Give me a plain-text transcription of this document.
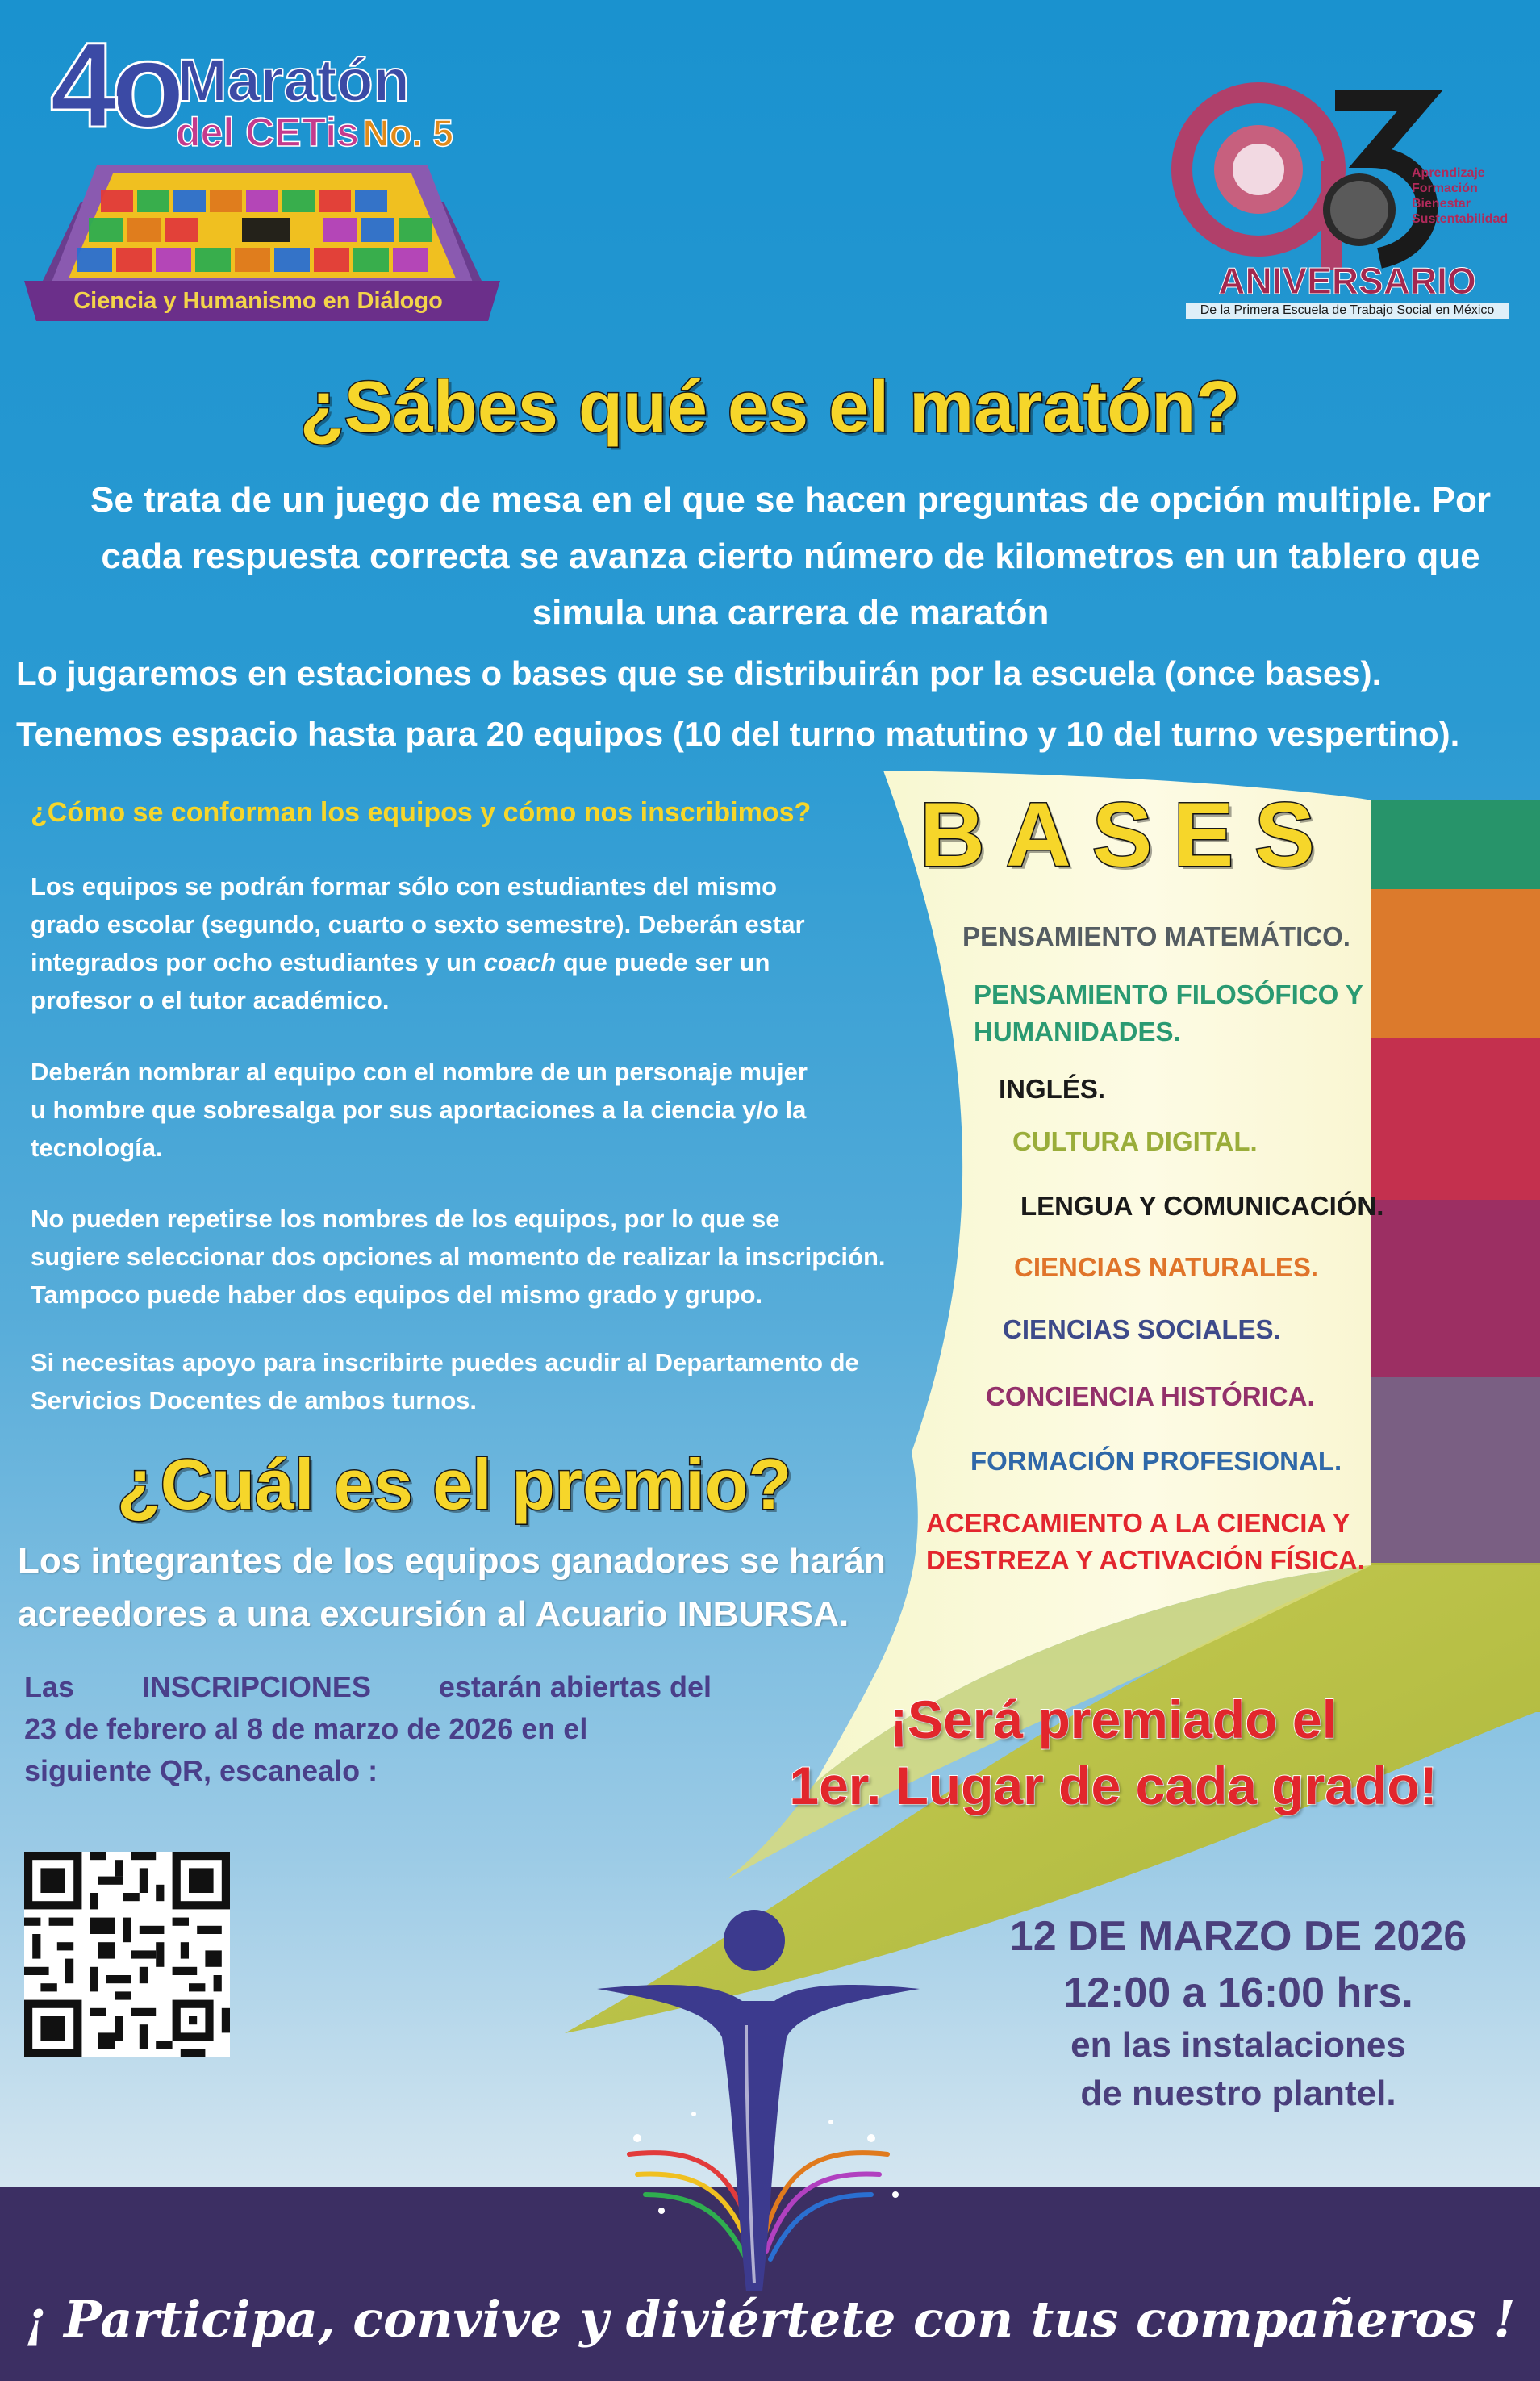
4o
Maratón
del CETis No. 5
Ciencia y Humanismo en Diálogo
Aprendizaje
Formación
Bienestar
Sustentabilidad
ANIVERSARIO
De la Primera Escuela de Trabajo Social en México
¿Sábes qué es el maratón?
Se trata de un juego de mesa en el que se hacen preguntas de opción multiple. Por
cada respuesta correcta se avanza cierto número de kilometros en un tablero que
simula una carrera de maratón
Lo jugaremos en estaciones o bases que se distribuirán por la escuela (once bases).
Tenemos espacio hasta para 20 equipos (10 del turno matutino y 10 del turno vespertino).
¿Cómo se conforman los equipos y cómo nos inscribimos?
Los equipos se podrán formar sólo con estudiantes del mismo
grado escolar (segundo, cuarto o sexto semestre). Deberán estar
integrados por ocho estudiantes y un coach que puede ser un
profesor o el tutor académico.
Deberán nombrar al equipo con el nombre de un personaje mujer
u hombre que sobresalga por sus aportaciones a la ciencia y/o la
tecnología.
No pueden repetirse los nombres de los equipos, por lo que se
sugiere seleccionar dos opciones al momento de realizar la inscripción.
Tampoco puede haber dos equipos del mismo grado y grupo.
Si necesitas apoyo para inscribirte puedes acudir al Departamento de
Servicios Docentes de ambos turnos.
BASES
PENSAMIENTO MATEMÁTICO.
PENSAMIENTO FILOSÓFICO Y
HUMANIDADES.
INGLÉS.
CULTURA DIGITAL.
LENGUA Y COMUNICACIÓN.
CIENCIAS NATURALES.
CIENCIAS SOCIALES.
CONCIENCIA HISTÓRICA.
FORMACIÓN PROFESIONAL.
ACERCAMIENTO A LA CIENCIA Y
DESTREZA Y ACTIVACIÓN FÍSICA.
¿Cuál es el premio?
Los integrantes de los equipos ganadores se harán
acreedores a una excursión al Acuario INBURSA.
Las INSCRIPCIONES estarán abiertas del
23 de febrero al 8 de marzo de 2026 en el
siguiente QR, escanealo :
¡Será premiado el
1er. Lugar de cada grado!
12 DE MARZO DE 2026
12:00 a 16:00 hrs.
en las instalaciones
de nuestro plantel.
¡ Participa, convive y diviértete con tus compañeros !
